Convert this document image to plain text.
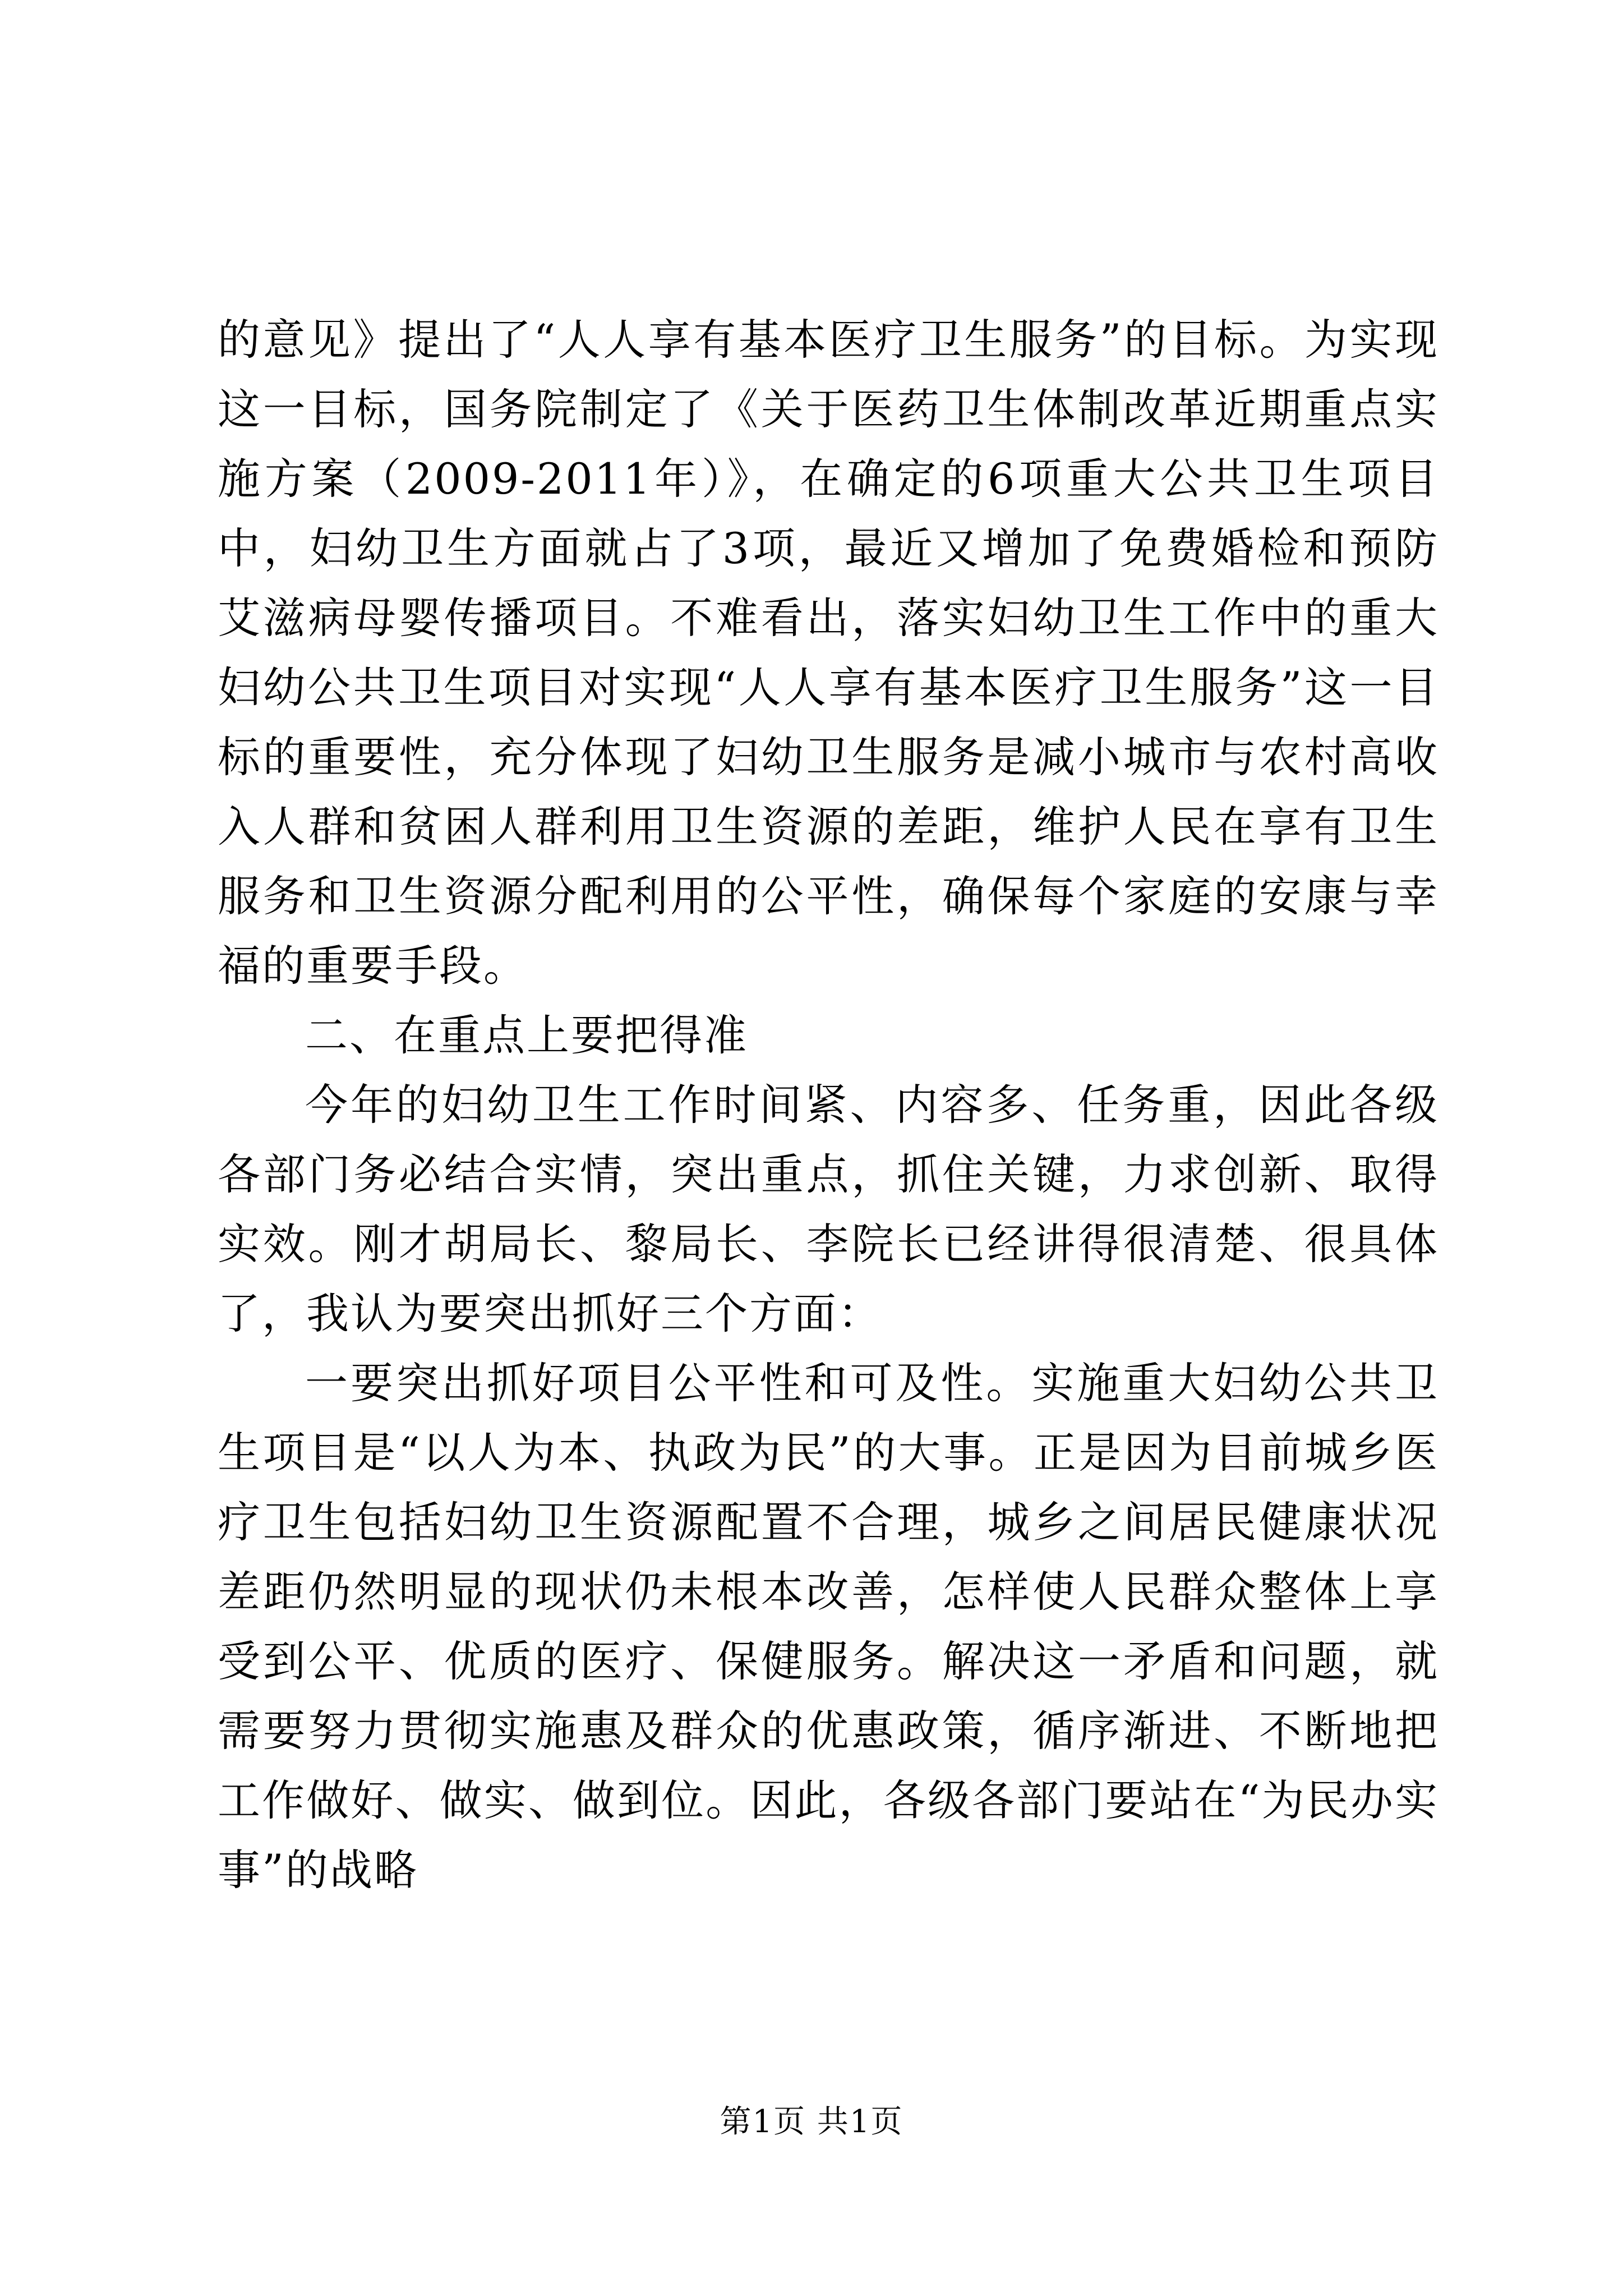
的意见》提出了“人人享有基本医疗卫生服务”的目标。为实现这一目标，国务院制定了《关于医药卫生体制改革近期重点实施方案（2009-2011年）》，在确定的6项重大公共卫生项目中，妇幼卫生方面就占了3项，最近又增加了免费婚检和预防艾滋病母婴传播项目。不难看出，落实妇幼卫生工作中的重大妇幼公共卫生项目对实现“人人享有基本医疗卫生服务”这一目标的重要性，充分体现了妇幼卫生服务是减小城市与农村高收入人群和贫困人群利用卫生资源的差距，维护人民在享有卫生服务和卫生资源分配利用的公平性，确保每个家庭的安康与幸福的重要手段。

二、在重点上要把得准

今年的妇幼卫生工作时间紧、内容多、任务重，因此各级各部门务必结合实情，突出重点，抓住关键，力求创新、取得实效。刚才胡局长、黎局长、李院长已经讲得很清楚、很具体了，我认为要突出抓好三个方面：

一要突出抓好项目公平性和可及性。实施重大妇幼公共卫生项目是“以人为本、执政为民”的大事。正是因为目前城乡医疗卫生包括妇幼卫生资源配置不合理，城乡之间居民健康状况差距仍然明显的现状仍未根本改善，怎样使人民群众整体上享受到公平、优质的医疗、保健服务。解决这一矛盾和问题，就需要努力贯彻实施惠及群众的优惠政策，循序渐进、不断地把工作做好、做实、做到位。因此，各级各部门要站在“为民办实事”的战略

第1页 共1页
